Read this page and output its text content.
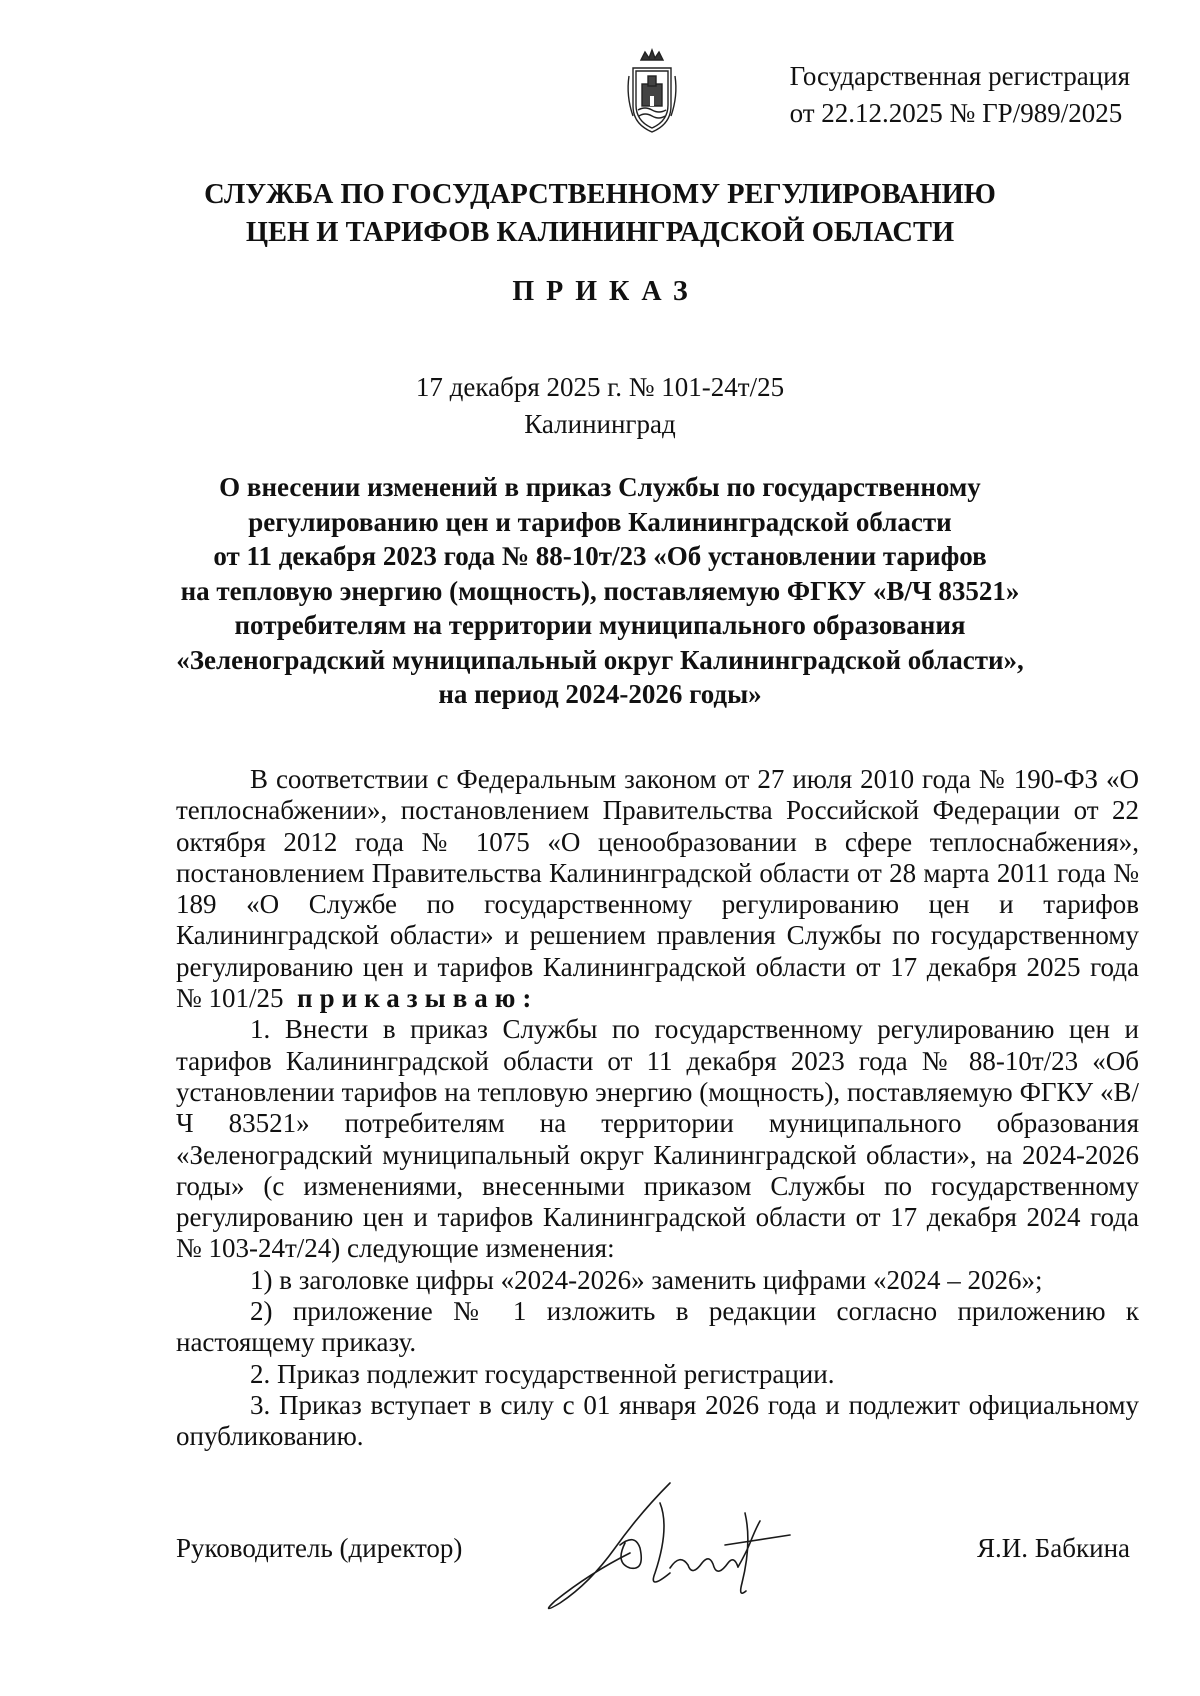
Государственная регистрация
от 22.12.2025 № ГР/989/2025
СЛУЖБА ПО ГОСУДАРСТВЕННОМУ РЕГУЛИРОВАНИЮ
ЦЕН И ТАРИФОВ КАЛИНИНГРАДСКОЙ ОБЛАСТИ
ПРИКАЗ
17 декабря 2025 г. № 101-24т/25
Калининград
О внесении изменений в приказ Службы по государственному
регулированию цен и тарифов Калининградской области
от 11 декабря 2023 года № 88-10т/23 «Об установлении тарифов
на тепловую энергию (мощность), поставляемую ФГКУ «В/Ч 83521»
потребителям на территории муниципального образования
«Зеленоградский муниципальный округ Калининградской области»,
на период 2024-2026 годы»

В соответствии с Федеральным законом от 27 июля 2010 года № 190-ФЗ «О теплоснабжении», постановлением Правительства Российской Федерации от 22 октября 2012 года № 1075 «О ценообразовании в сфере теплоснабжения», постановлением Правительства Калининградской области от 28 марта 2011 года № 189 «О Службе по государственному регулированию цен и тарифов Калининградской области» и решением правления Службы по государственному регулированию цен и тарифов Калининградской области от 17 декабря 2025 года № 101/25 приказываю:

1. Внести в приказ Службы по государственному регулированию цен и тарифов Калининградской области от 11 декабря 2023 года № 88-10т/23 «Об установлении тарифов на тепловую энергию (мощность), поставляемую ФГКУ «В/Ч 83521» потребителям на территории муниципального образования «Зеленоградский муниципальный округ Калининградской области», на 2024-2026 годы» (с изменениями, внесенными приказом Службы по государственному регулированию цен и тарифов Калининградской области от 17 декабря 2024 года № 103-24т/24) следующие изменения:

1) в заголовке цифры «2024-2026» заменить цифрами «2024 – 2026»;

2) приложение № 1 изложить в редакции согласно приложению к настоящему приказу.

2. Приказ подлежит государственной регистрации.

3. Приказ вступает в силу с 01 января 2026 года и подлежит официальному опубликованию.

Руководитель (директор)	Я.И. Бабкина
